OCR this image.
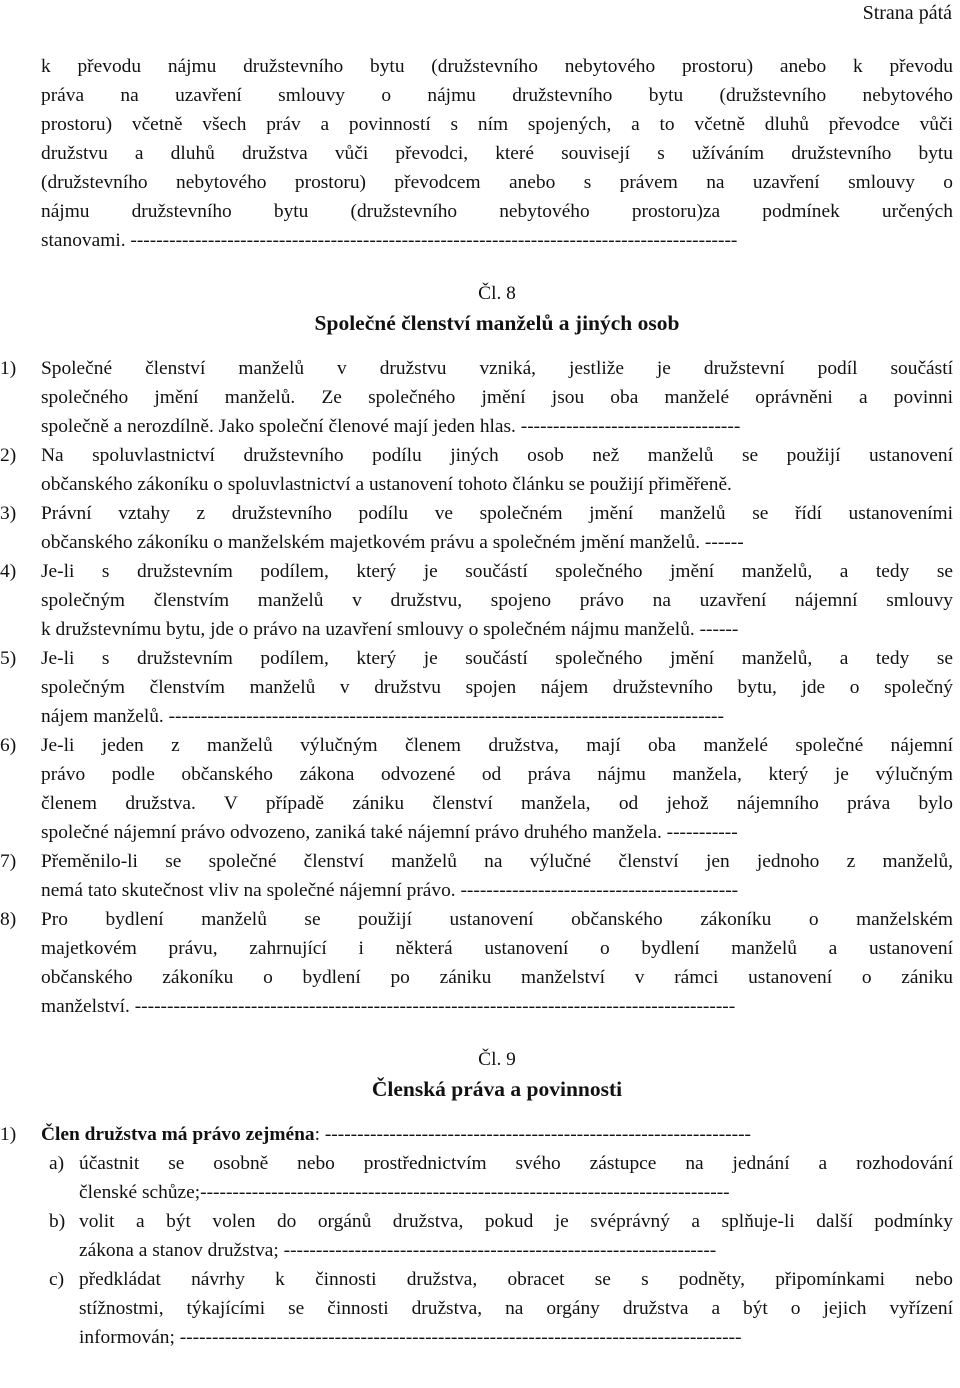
Strana pátá
k převodu nájmu družstevního bytu (družstevního nebytového prostoru) anebo k převodu
práva na uzavření smlouvy o nájmu družstevního bytu (družstevního nebytového
prostoru) včetně všech práv a povinností s ním spojených, a to včetně dluhů převodce vůči
družstvu a dluhů družstva vůči převodci, které souvisejí s užíváním družstevního bytu
(družstevního nebytového prostoru) převodcem anebo s právem na uzavření smlouvy o
nájmu družstevního bytu (družstevního nebytového prostoru)za podmínek určených
stanovami. ----------------------------------------------------------------------------------------------
Čl. 8
Společné členství manželů a jiných osob
1)	Společné členství manželů v družstvu vzniká, jestliže je družstevní podíl součástí
společného jmění manželů. Ze společného jmění jsou oba manželé oprávněni a povinni
společně a nerozdílně. Jako společní členové mají jeden hlas. ----------------------------------
2)	Na spoluvlastnictví družstevního podílu jiných osob než manželů se použijí ustanovení
občanského zákoníku o spoluvlastnictví a ustanovení tohoto článku se použijí přiměřeně.
3)	Právní vztahy z družstevního podílu ve společném jmění manželů se řídí ustanoveními
občanského zákoníku o manželském majetkovém právu a společném jmění manželů. ------
4)	Je-li s družstevním podílem, který je součástí společného jmění manželů, a tedy se
společným členstvím manželů v družstvu, spojeno právo na uzavření nájemní smlouvy
k družstevnímu bytu, jde o právo na uzavření smlouvy o společném nájmu manželů. ------
5)	Je-li s družstevním podílem, který je součástí společného jmění manželů, a tedy se
společným členstvím manželů v družstvu spojen nájem družstevního bytu, jde o společný
nájem manželů. --------------------------------------------------------------------------------------
6)	Je-li jeden z manželů výlučným členem družstva, mají oba manželé společné nájemní
právo podle občanského zákona odvozené od práva nájmu manžela, který je výlučným
členem družstva. V případě zániku členství manžela, od jehož nájemního práva bylo
společné nájemní právo odvozeno, zaniká také nájemní právo druhého manžela. -----------
7)	Přeměnilo-li se společné členství manželů na výlučné členství jen jednoho z manželů,
nemá tato skutečnost vliv na společné nájemní právo. -------------------------------------------
8)	Pro bydlení manželů se použijí ustanovení občanského zákoníku o manželském
majetkovém právu, zahrnující i některá ustanovení o bydlení manželů a ustanovení
občanského zákoníku o bydlení po zániku manželství v rámci ustanovení o zániku
manželství. ---------------------------------------------------------------------------------------------
Čl. 9
Členská práva a povinnosti
1)	Člen družstva má právo zejména: ------------------------------------------------------------------
a) účastnit se osobně nebo prostřednictvím svého zástupce na jednání a rozhodování
členské schůze;----------------------------------------------------------------------------------
b) volit a být volen do orgánů družstva, pokud je svéprávný a splňuje-li další podmínky
zákona a stanov družstva; -------------------------------------------------------------------
c) předkládat návrhy k činnosti družstva, obracet se s podněty, připomínkami nebo
stížnostmi, týkajícími se činnosti družstva, na orgány družstva a být o jejich vyřízení
informován; ---------------------------------------------------------------------------------------
